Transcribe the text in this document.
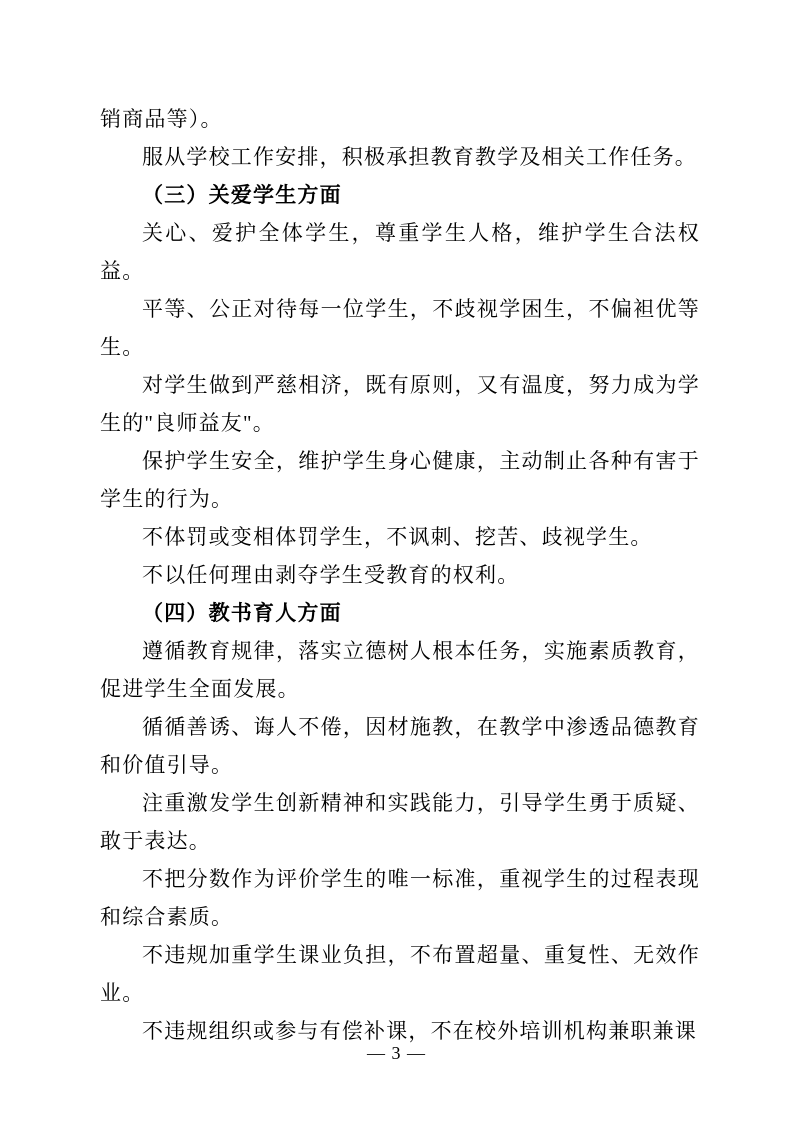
销商品等）。

服从学校工作安排，积极承担教育教学及相关工作任务。

（三）关爱学生方面

关心、爱护全体学生，尊重学生人格，维护学生合法权益。

平等、公正对待每一位学生，不歧视学困生，不偏袒优等生。

对学生做到严慈相济，既有原则，又有温度，努力成为学生的"良师益友"。

保护学生安全，维护学生身心健康，主动制止各种有害于学生的行为。

不体罚或变相体罚学生，不讽刺、挖苦、歧视学生。

不以任何理由剥夺学生受教育的权利。

（四）教书育人方面

遵循教育规律，落实立德树人根本任务，实施素质教育，促进学生全面发展。

循循善诱、诲人不倦，因材施教，在教学中渗透品德教育和价值引导。

注重激发学生创新精神和实践能力，引导学生勇于质疑、敢于表达。

不把分数作为评价学生的唯一标准，重视学生的过程表现和综合素质。

不违规加重学生课业负担，不布置超量、重复性、无效作业。

不违规组织或参与有偿补课，不在校外培训机构兼职兼课

— 3 —
